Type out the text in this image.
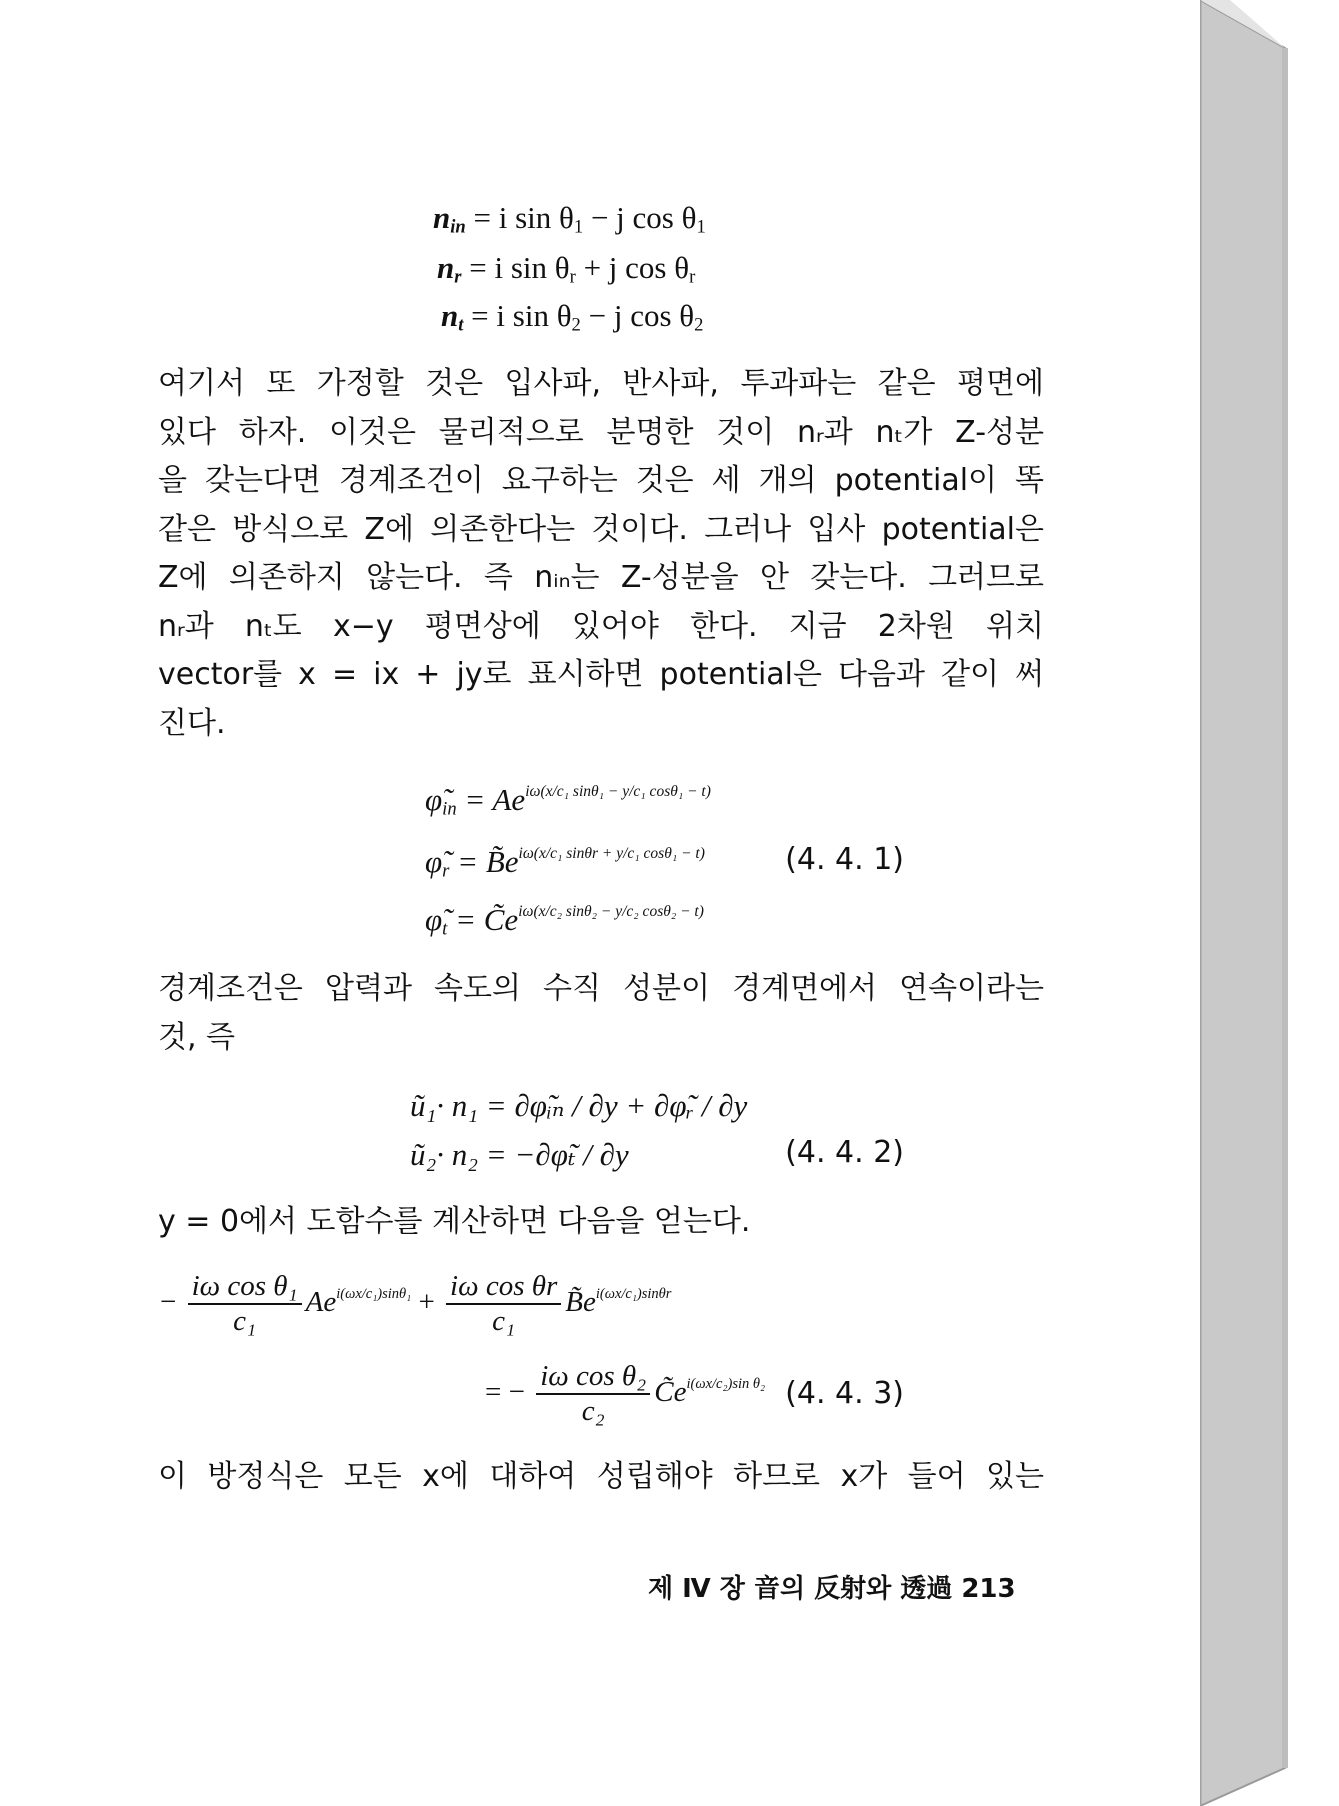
$n_{in} = i$ $\sin \theta_1 - j$ $\cos \theta_1$
$n_r = i$ $\sin \theta_r + j$ $\cos \theta_r$
$n_t = i$ $\sin \theta_2 - j$ $\cos \theta_2$
여기서 또 가정할 것은 입사파, 반사파, 투과파는 같은 평면에
있다 하자. 이것은 물리적으로 분명한 것이 nᵣ과 nₜ가 Z-성분
을 갖는다면 경계조건이 요구하는 것은 세 개의 potential이 똑
같은 방식으로 Z에 의존한다는 것이다. 그러나 입사 potential은
Z에 의존하지 않는다. 즉 nᵢₙ는 Z-성분을 안 갖는다. 그러므로
nᵣ과 nₜ도 x−y 평면상에 있어야 한다. 지금 2차원 위치
vector를 x = ix + jy로 표시하면 potential은 다음과 같이 써
진다.
$\varphĩ_{in} = Ae^{i\omega(x/c_1 sin\theta_1 - y/c_1 cos\theta_1 - t)}$
$\varphĩ_r$ = $B̃e^{i\omega(x/c_1 sin\theta r + y/c_1 cos\theta_1 - t)}$
$\varphĩ_t$ = $C̃e^{i\omega(x/c_2 sin\theta_2 - y/c_2 cos\theta_2 - t)}$
(4. 4. 1)
경계조건은 압력과 속도의 수직 성분이 경계면에서 연속이라는
것, 즉
ũ₁· n₁ = ∂φ̃ᵢₙ / ∂y + ∂φ̃ᵣ / ∂y
ũ₂· n₂ = −∂φ̃ₜ / ∂y	(4. 4. 2)
y = 0에서 도함수를 계산하면 다음을 얻는다.
− $\frac{\text{iω cos θ₁}}{\text{c₁}} Ae^{i(\omega x/c_1)sin\theta_1} + \frac{\text{iω cos θr}}{\text{c₁}}$ $B̃e^{i(\omega x/c_1)sin\theta r}$
= − $\frac{\text{iω cos θ₂}}{\text{c₂}}$ $C̃e^{i(\omega x/c_2)sin \theta_2}$ (4. 4. 3)
이 방정식은 모든 x에 대하여 성립해야 하므로 x가 들어 있는
제 Ⅳ 장 音의 反射와 透過 213
